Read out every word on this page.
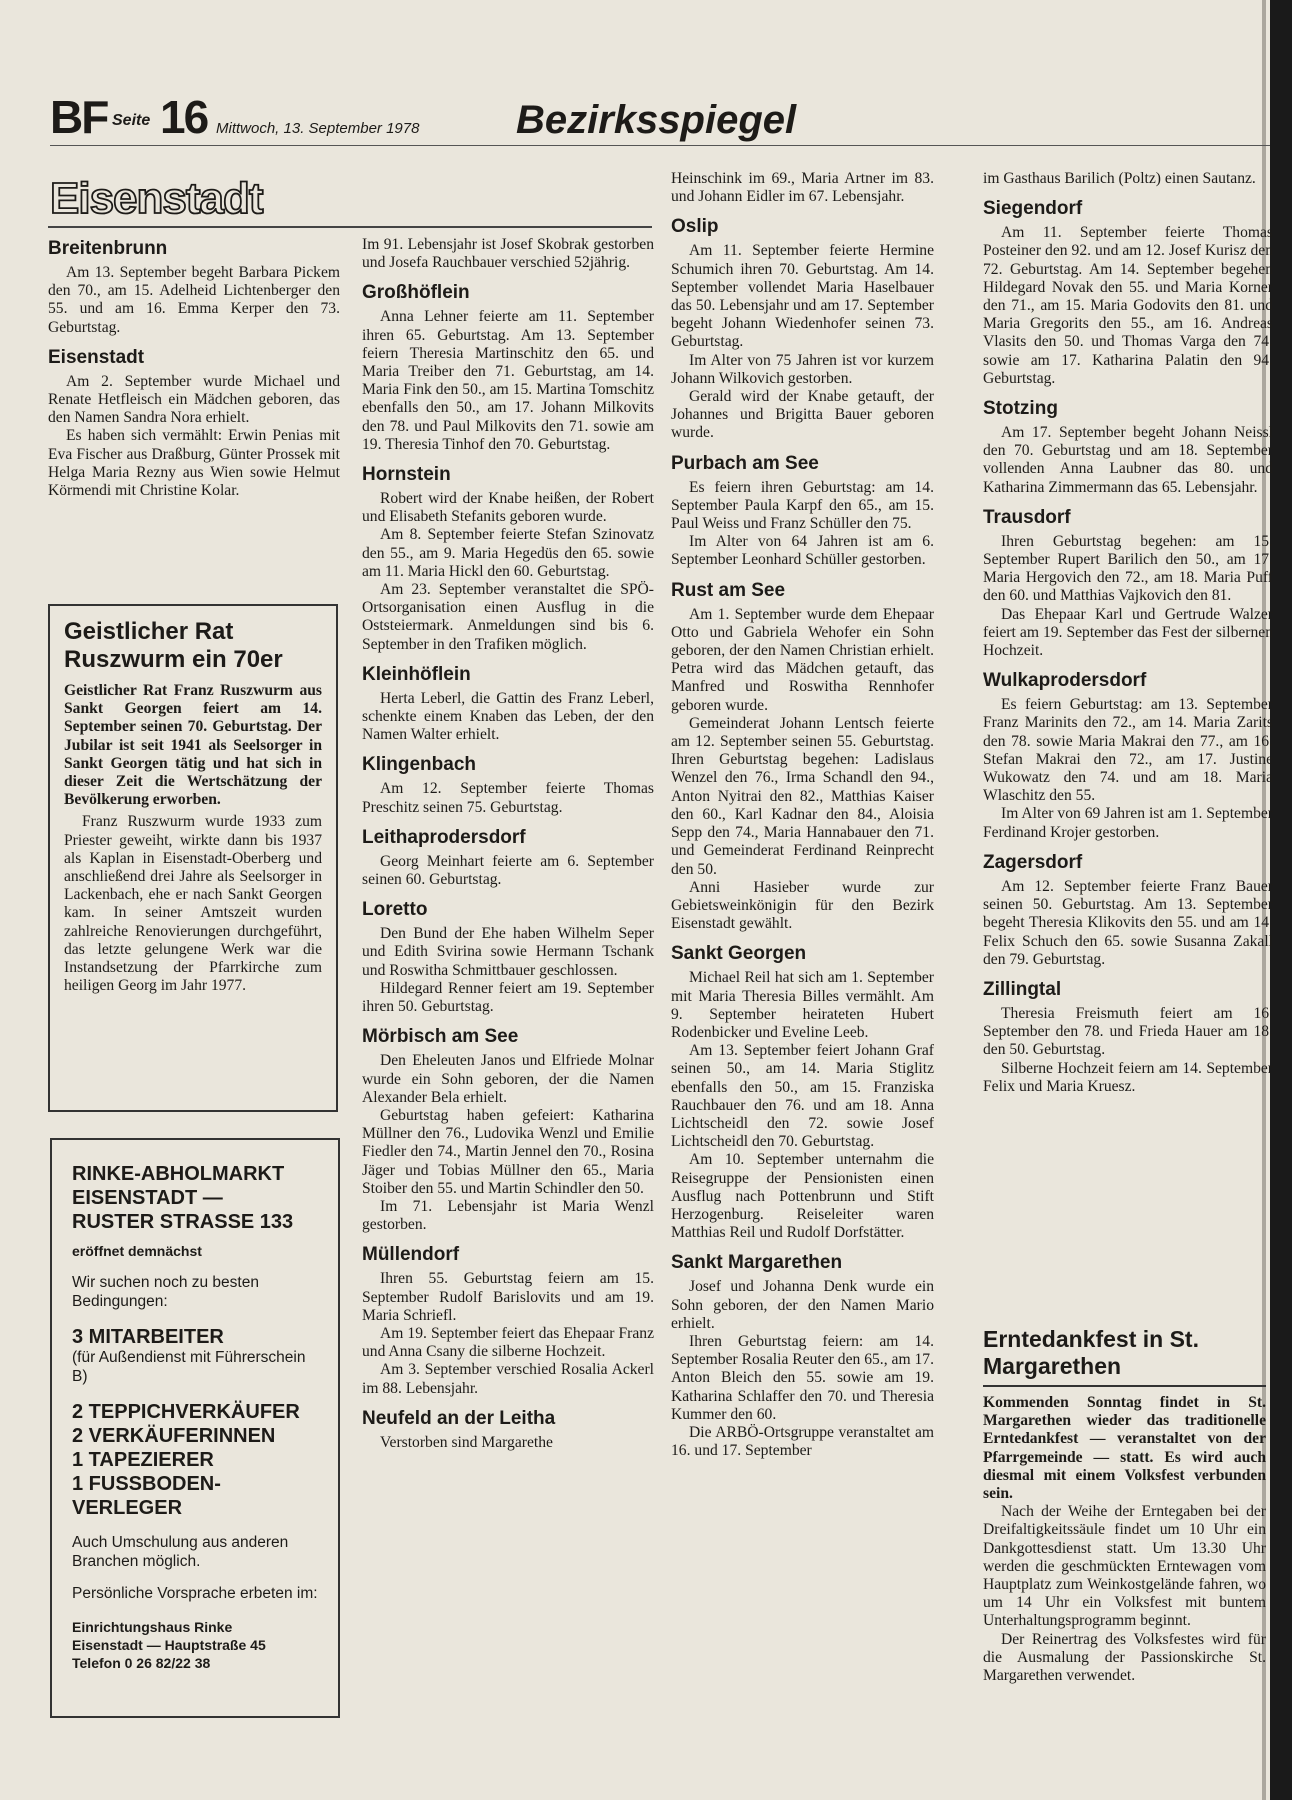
BF Seite 16 Mittwoch, 13. September 1978 Bezirksspiegel
Eisenstadt
Breitenbrunn

Am 13. September begeht Barbara Pickem den 70., am 15. Adelheid Lichtenberger den 55. und am 16. Emma Kerper den 73. Geburtstag.

Eisenstadt

Am 2. September wurde Michael und Renate Hetfleisch ein Mädchen geboren, das den Namen Sandra Nora erhielt.

Es haben sich vermählt: Erwin Penias mit Eva Fischer aus Draßburg, Günter Prossek mit Helga Maria Rezny aus Wien sowie Helmut Körmendi mit Christine Kolar.

Geistlicher Rat Ruszwurm ein 70er

Geistlicher Rat Franz Ruszwurm aus Sankt Georgen feiert am 14. September seinen 70. Geburtstag. Der Jubilar ist seit 1941 als Seelsorger in Sankt Georgen tätig und hat sich in dieser Zeit die Wertschätzung der Bevölkerung erworben.

Franz Ruszwurm wurde 1933 zum Priester geweiht, wirkte dann bis 1937 als Kaplan in Eisenstadt-Oberberg und anschließend drei Jahre als Seelsorger in Lackenbach, ehe er nach Sankt Georgen kam. In seiner Amtszeit wurden zahlreiche Renovierungen durchgeführt, das letzte gelungene Werk war die Instandsetzung der Pfarrkirche zum heiligen Georg im Jahr 1977.

RINKE-ABHOLMARKT

EISENSTADT —

RUSTER STRASSE 133

eröffnet demnächst

Wir suchen noch zu besten Bedingungen:

3 MITARBEITER

(für Außendienst mit Führerschein B)

2 TEPPICHVERKÄUFER

2 VERKÄUFERINNEN

1 TAPEZIERER

1 FUSSBODEN-VERLEGER

Auch Umschulung aus anderen Branchen möglich.

Persönliche Vorsprache erbeten im:

Einrichtungshaus Rinke

Eisenstadt — Hauptstraße 45

Telefon 0 26 82/22 38

Im 91. Lebensjahr ist Josef Skobrak gestorben und Josefa Rauchbauer verschied 52jährig.

Großhöflein

Anna Lehner feierte am 11. September ihren 65. Geburtstag. Am 13. September feiern Theresia Martinschitz den 65. und Maria Treiber den 71. Geburtstag, am 14. Maria Fink den 50., am 15. Martina Tomschitz ebenfalls den 50., am 17. Johann Milkovits den 78. und Paul Milkovits den 71. sowie am 19. Theresia Tinhof den 70. Geburtstag.

Hornstein

Robert wird der Knabe heißen, der Robert und Elisabeth Stefanits geboren wurde.

Am 8. September feierte Stefan Szinovatz den 55., am 9. Maria Hegedüs den 65. sowie am 11. Maria Hickl den 60. Geburtstag.

Am 23. September veranstaltet die SPÖ-Ortsorganisation einen Ausflug in die Oststeiermark. Anmeldungen sind bis 6. September in den Trafiken möglich.

Kleinhöflein

Herta Leberl, die Gattin des Franz Leberl, schenkte einem Knaben das Leben, der den Namen Walter erhielt.

Klingenbach

Am 12. September feierte Thomas Preschitz seinen 75. Geburtstag.

Leithaprodersdorf

Georg Meinhart feierte am 6. September seinen 60. Geburtstag.

Loretto

Den Bund der Ehe haben Wilhelm Seper und Edith Svirina sowie Hermann Tschank und Roswitha Schmittbauer geschlossen.

Hildegard Renner feiert am 19. September ihren 50. Geburtstag.

Mörbisch am See

Den Eheleuten Janos und Elfriede Molnar wurde ein Sohn geboren, der die Namen Alexander Bela erhielt.

Geburtstag haben gefeiert: Katharina Müllner den 76., Ludovika Wenzl und Emilie Fiedler den 74., Martin Jennel den 70., Rosina Jäger und Tobias Müllner den 65., Maria Stoiber den 55. und Martin Schindler den 50.

Im 71. Lebensjahr ist Maria Wenzl gestorben.

Müllendorf

Ihren 55. Geburtstag feiern am 15. September Rudolf Barislovits und am 19. Maria Schriefl.

Am 19. September feiert das Ehepaar Franz und Anna Csany die silberne Hochzeit.

Am 3. September verschied Rosalia Ackerl im 88. Lebensjahr.

Neufeld an der Leitha

Verstorben sind Margarethe

Heinschink im 69., Maria Artner im 83. und Johann Eidler im 67. Lebensjahr.

Oslip

Am 11. September feierte Hermine Schumich ihren 70. Geburtstag. Am 14. September vollendet Maria Haselbauer das 50. Lebensjahr und am 17. September begeht Johann Wiedenhofer seinen 73. Geburtstag.

Im Alter von 75 Jahren ist vor kurzem Johann Wilkovich gestorben.

Gerald wird der Knabe getauft, der Johannes und Brigitta Bauer geboren wurde.

Purbach am See

Es feiern ihren Geburtstag: am 14. September Paula Karpf den 65., am 15. Paul Weiss und Franz Schüller den 75.

Im Alter von 64 Jahren ist am 6. September Leonhard Schüller gestorben.

Rust am See

Am 1. September wurde dem Ehepaar Otto und Gabriela Wehofer ein Sohn geboren, der den Namen Christian erhielt. Petra wird das Mädchen getauft, das Manfred und Roswitha Rennhofer geboren wurde.

Gemeinderat Johann Lentsch feierte am 12. September seinen 55. Geburtstag. Ihren Geburtstag begehen: Ladislaus Wenzel den 76., Irma Schandl den 94., Anton Nyitrai den 82., Matthias Kaiser den 60., Karl Kadnar den 84., Aloisia Sepp den 74., Maria Hannabauer den 71. und Gemeinderat Ferdinand Reinprecht den 50.

Anni Hasieber wurde zur Gebietsweinkönigin für den Bezirk Eisenstadt gewählt.

Sankt Georgen

Michael Reil hat sich am 1. September mit Maria Theresia Billes vermählt. Am 9. September heirateten Hubert Rodenbicker und Eveline Leeb.

Am 13. September feiert Johann Graf seinen 50., am 14. Maria Stiglitz ebenfalls den 50., am 15. Franziska Rauchbauer den 76. und am 18. Anna Lichtscheidl den 72. sowie Josef Lichtscheidl den 70. Geburtstag.

Am 10. September unternahm die Reisegruppe der Pensionisten einen Ausflug nach Pottenbrunn und Stift Herzogenburg. Reiseleiter waren Matthias Reil und Rudolf Dorfstätter.

Sankt Margarethen

Josef und Johanna Denk wurde ein Sohn geboren, der den Namen Mario erhielt.

Ihren Geburtstag feiern: am 14. September Rosalia Reuter den 65., am 17. Anton Bleich den 55. sowie am 19. Katharina Schlaffer den 70. und Theresia Kummer den 60.

Die ARBÖ-Ortsgruppe veranstaltet am 16. und 17. September

im Gasthaus Barilich (Poltz) einen Sautanz.

Siegendorf

Am 11. September feierte Thomas Posteiner den 92. und am 12. Josef Kurisz den 72. Geburtstag. Am 14. September begehen Hildegard Novak den 55. und Maria Korner den 71., am 15. Maria Godovits den 81. und Maria Gregorits den 55., am 16. Andreas Vlasits den 50. und Thomas Varga den 74. sowie am 17. Katharina Palatin den 94. Geburtstag.

Stotzing

Am 17. September begeht Johann Neissl den 70. Geburtstag und am 18. September vollenden Anna Laubner das 80. und Katharina Zimmermann das 65. Lebensjahr.

Trausdorf

Ihren Geburtstag begehen: am 15. September Rupert Barilich den 50., am 17. Maria Hergovich den 72., am 18. Maria Puff den 60. und Matthias Vajkovich den 81.

Das Ehepaar Karl und Gertrude Walzer feiert am 19. September das Fest der silbernen Hochzeit.

Wulkaprodersdorf

Es feiern Geburtstag: am 13. September Franz Marinits den 72., am 14. Maria Zarits den 78. sowie Maria Makrai den 77., am 16. Stefan Makrai den 72., am 17. Justine Wukowatz den 74. und am 18. Maria Wlaschitz den 55.

Im Alter von 69 Jahren ist am 1. September Ferdinand Krojer gestorben.

Zagersdorf

Am 12. September feierte Franz Bauer seinen 50. Geburtstag. Am 13. September begeht Theresia Klikovits den 55. und am 14. Felix Schuch den 65. sowie Susanna Zakall den 79. Geburtstag.

Zillingtal

Theresia Freismuth feiert am 16. September den 78. und Frieda Hauer am 18. den 50. Geburtstag.

Silberne Hochzeit feiern am 14. September Felix und Maria Kruesz.

Erntedankfest in St. Margarethen

Kommenden Sonntag findet in St. Margarethen wieder das traditionelle Erntedankfest — veranstaltet von der Pfarrgemeinde — statt. Es wird auch diesmal mit einem Volksfest verbunden sein.

Nach der Weihe der Erntegaben bei der Dreifaltigkeitssäule findet um 10 Uhr ein Dankgottesdienst statt. Um 13.30 Uhr werden die geschmückten Erntewagen vom Hauptplatz zum Weinkostgelände fahren, wo um 14 Uhr ein Volksfest mit buntem Unterhaltungsprogramm beginnt.

Der Reinertrag des Volksfestes wird für die Ausmalung der Passionskirche St. Margarethen verwendet.
